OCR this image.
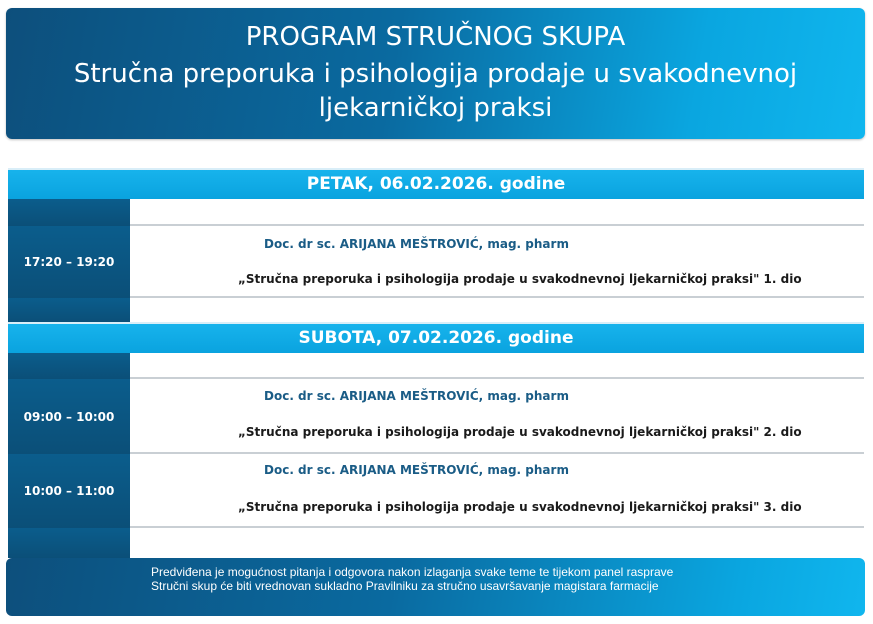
PROGRAM STRUČNOG SKUPA
Stručna preporuka i psihologija prodaje u svakodnevnoj
ljekarničkoj praksi
PETAK, 06.02.2026. godine
17:20 – 19:20
Doc. dr sc. ARIJANA MEŠTROVIĆ, mag. pharm
„Stručna preporuka i psihologija prodaje u svakodnevnoj ljekarničkoj praksi" 1. dio
SUBOTA, 07.02.2026. godine
09:00 – 10:00
Doc. dr sc. ARIJANA MEŠTROVIĆ, mag. pharm
„Stručna preporuka i psihologija prodaje u svakodnevnoj ljekarničkoj praksi" 2. dio
10:00 – 11:00
Doc. dr sc. ARIJANA MEŠTROVIĆ, mag. pharm
„Stručna preporuka i psihologija prodaje u svakodnevnoj ljekarničkoj praksi" 3. dio
Predviđena je mogućnost pitanja i odgovora nakon izlaganja svake teme te tijekom panel rasprave
Stručni skup će biti vrednovan sukladno Pravilniku za stručno usavršavanje magistara farmacije
